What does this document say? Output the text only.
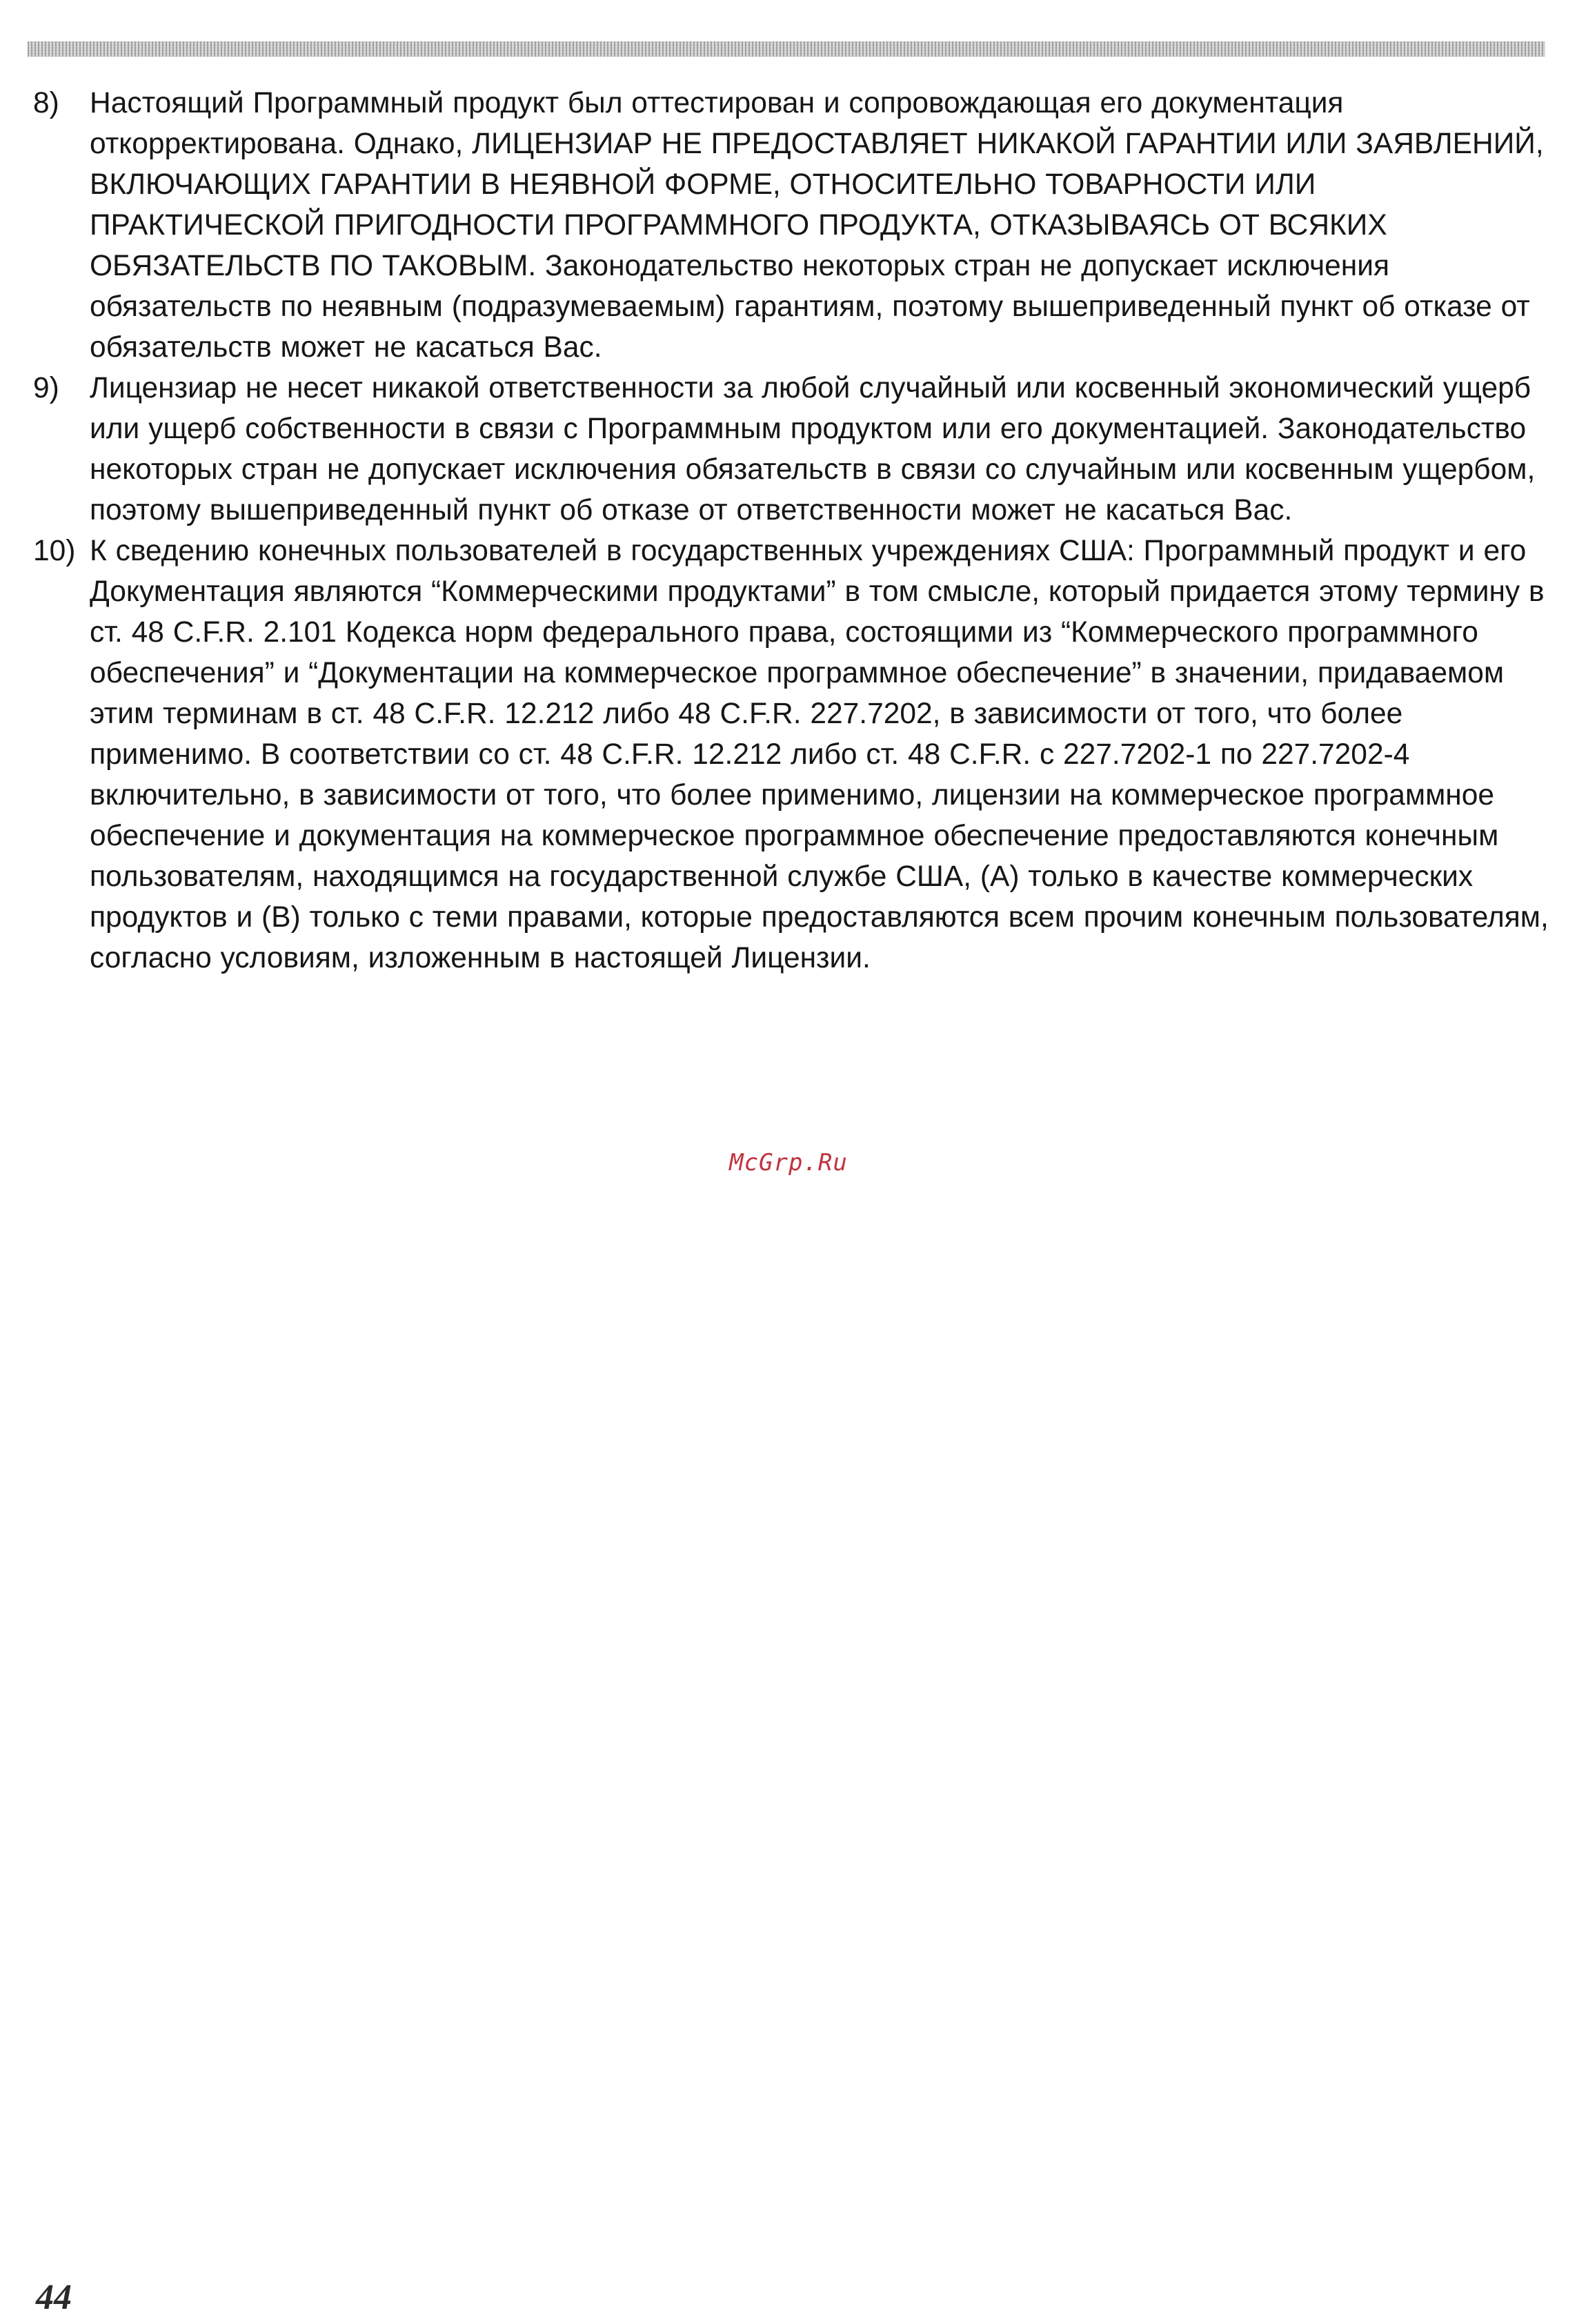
8)	Настоящий Программный продукт был оттестирован и сопровождающая его документация откорректирована. Однако, ЛИЦЕНЗИАР НЕ ПРЕДОСТАВЛЯЕТ НИКАКОЙ ГАРАНТИИ ИЛИ ЗАЯВЛЕНИЙ, ВКЛЮЧАЮЩИХ ГАРАНТИИ В НЕЯВНОЙ ФОРМЕ, ОТНОСИТЕЛЬНО ТОВАРНОСТИ ИЛИ ПРАКТИЧЕСКОЙ ПРИГОДНОСТИ ПРОГРАММНОГО ПРОДУКТА, ОТКАЗЫВАЯСЬ ОТ ВСЯКИХ ОБЯЗАТЕЛЬСТВ ПО ТАКОВЫМ. Законодательство некоторых стран не допускает исключения обязательств по неявным (подразумеваемым) гарантиям, поэтому вышеприведенный пункт об отказе от обязательств может не касаться Вас.
9)	Лицензиар не несет никакой ответственности за любой случайный или косвенный экономический ущерб или ущерб собственности в связи с Программным продуктом или его документацией. Законодательство некоторых стран не допускает исключения обязательств в связи со случайным или косвенным ущербом, поэтому вышеприведенный пункт об отказе от ответственности может не касаться Вас.
10) К сведению конечных пользователей в государственных учреждениях США: Программный продукт и его Документация являются “Коммерческими продуктами” в том смысле, который придается этому термину в ст. 48 C.F.R. 2.101 Кодекса норм федерального права, состоящими из “Коммерческого программного обеспечения” и “Документации на коммерческое программное обеспечение” в значении, придаваемом этим терминам в ст. 48 C.F.R. 12.212 либо 48 C.F.R. 227.7202, в зависимости от того, что более применимо. В соответствии со ст. 48 C.F.R. 12.212 либо ст. 48 C.F.R. с 227.7202-1 по 227.7202-4 включительно, в зависимости от того, что более применимо, лицензии на коммерческое программное обеспечение и документация на коммерческое программное обеспечение предоставляются конечным пользователям, находящимся на государственной службе США, (A) только в качестве коммерческих продуктов и (B) только с теми правами, которые предоставляются всем прочим конечным пользователям, согласно условиям, изложенным в настоящей Лицензии.
McGrp.Ru
44
